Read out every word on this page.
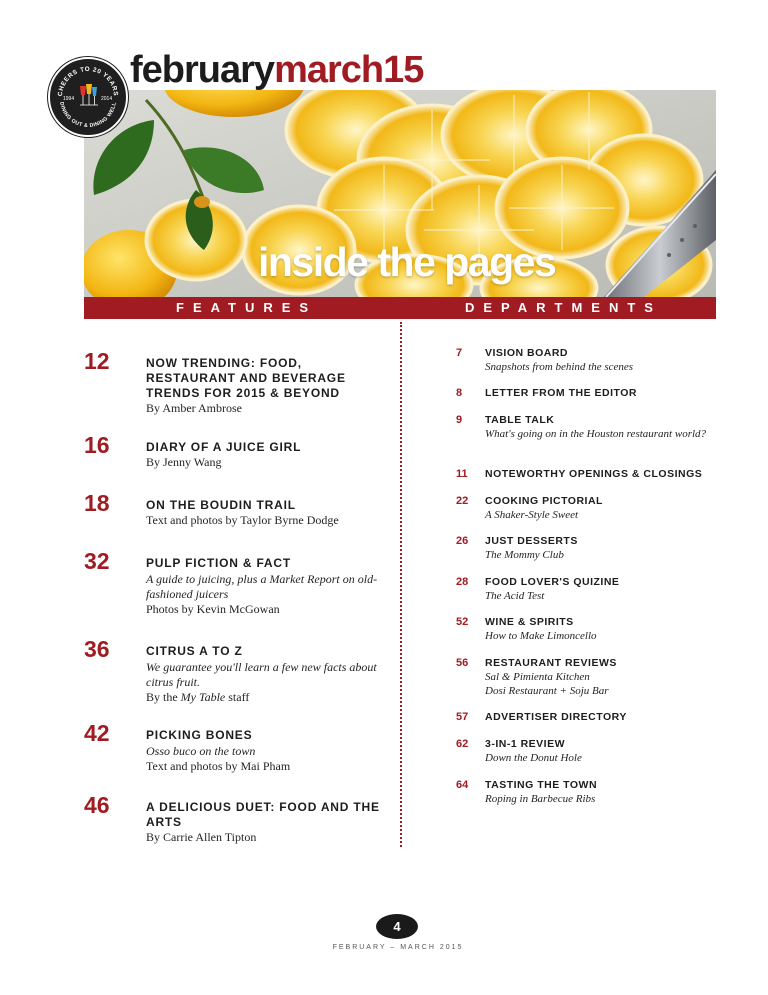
CHEERS TO 20 YEARS
DINING OUT & DINING WELL
1994	2014
februarymarch15
inside the pages
FEATURES	DEPARTMENTS
12	NOW TRENDING: FOOD, RESTAURANT AND BEVERAGE TRENDS FOR 2015 & BEYOND
By Amber Ambrose
16	DIARY OF A JUICE GIRL
By Jenny Wang
18	ON THE BOUDIN TRAIL
Text and photos by Taylor Byrne Dodge
32	PULP FICTION & FACT
A guide to juicing, plus a Market Report on old-fashioned juicers
Photos by Kevin McGowan
36	CITRUS A TO Z
We guarantee you'll learn a few new facts about citrus fruit.
By the My Table staff
42	PICKING BONES
Osso buco on the town
Text and photos by Mai Pham
46	A DELICIOUS DUET: FOOD AND THE ARTS
By Carrie Allen Tipton
7	VISION BOARD
Snapshots from behind the scenes
8	LETTER FROM THE EDITOR
9	TABLE TALK
What's going on in the Houston restaurant world?
11	NOTEWORTHY OPENINGS & CLOSINGS
22	COOKING PICTORIAL
A Shaker-Style Sweet
26	JUST DESSERTS
The Mommy Club
28	FOOD LOVER'S QUIZINE
The Acid Test
52	WINE & SPIRITS
How to Make Limoncello
56	RESTAURANT REVIEWS
Sal & Pimienta Kitchen
Dosi Restaurant + Soju Bar
57	ADVERTISER DIRECTORY
62	3-IN-1 REVIEW
Down the Donut Hole
64	TASTING THE TOWN
Roping in Barbecue Ribs
4
FEBRUARY – MARCH 2015
